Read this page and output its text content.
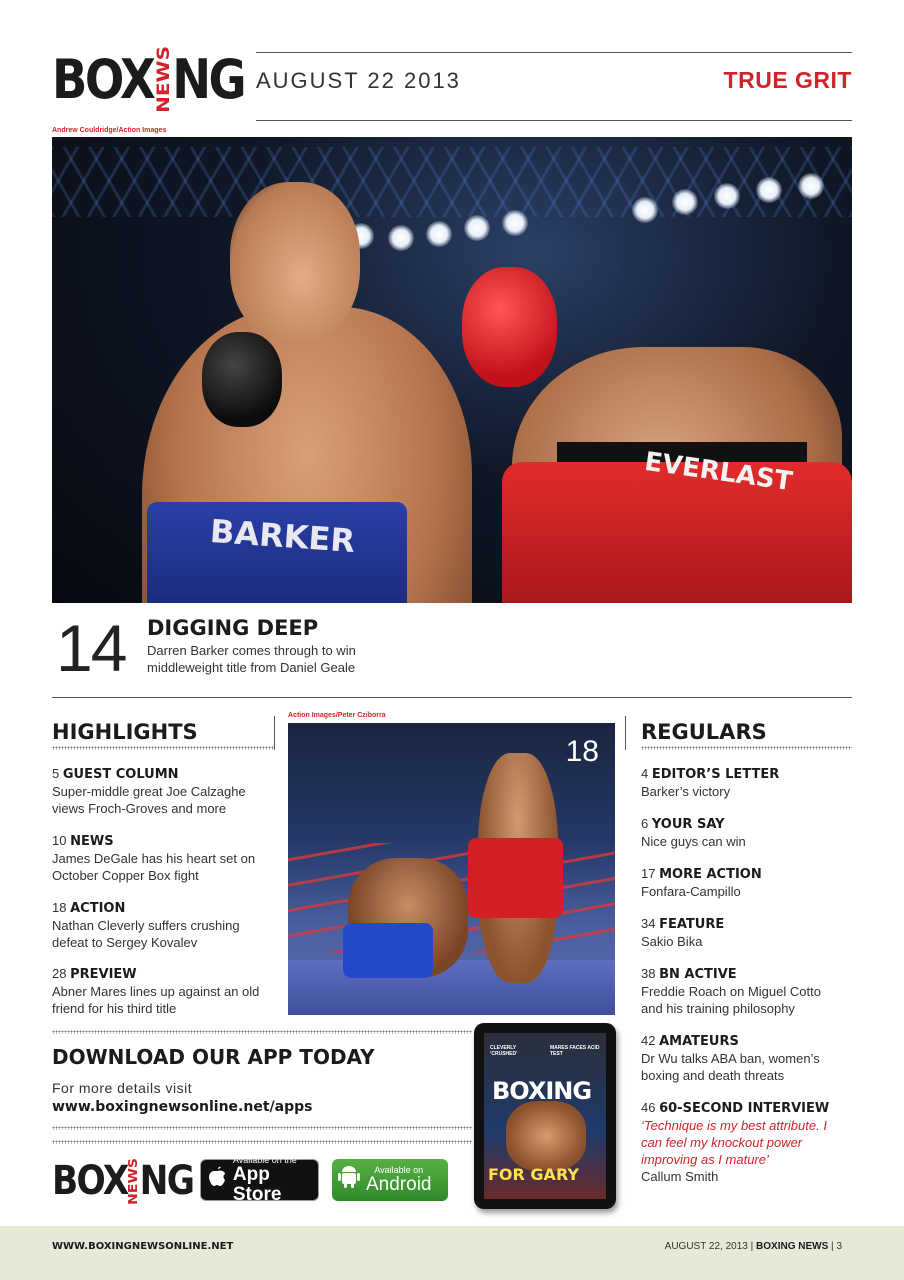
BOX NEWS NG AUGUST 22 2013	TRUE GRIT
Andrew Couldridge/Action Images
BARKER
EVERLAST
14 DIGGING DEEP
Darren Barker comes through to win middleweight title from Daniel Geale
HIGHLIGHTS
5 GUEST COLUMN
Super-middle great Joe Calzaghe views Froch-Groves and more
10 NEWS
James DeGale has his heart set on October Copper Box fight
18 ACTION
Nathan Cleverly suffers crushing defeat to Sergey Kovalev
28 PREVIEW
Abner Mares lines up against an old friend for his third title
Action Images/Peter Cziborra
18
REGULARS
4 EDITOR’S LETTER
Barker’s victory
6 YOUR SAY
Nice guys can win
17 MORE ACTION
Fonfara-Campillo
34 FEATURE
Sakio Bika
38 BN ACTIVE
Freddie Roach on Miguel Cotto and his training philosophy
42 AMATEURS
Dr Wu talks ABA ban, women’s boxing and death threats
46 60-SECOND INTERVIEW
‘Technique is my best attribute. I can feel my knockout power improving as I mature’
Callum Smith
DOWNLOAD OUR APP TODAY
For more details visit
www.boxingnewsonline.net/apps
BOX NEWS NG	Available on the
App Store
Available on
Android
CLEVERLY ‘CRUSHED’
MARES FACES ACID TEST
BOXING
FOR GARY
WWW.BOXINGNEWSONLINE.NET	AUGUST 22, 2013 | BOXING NEWS | 3
